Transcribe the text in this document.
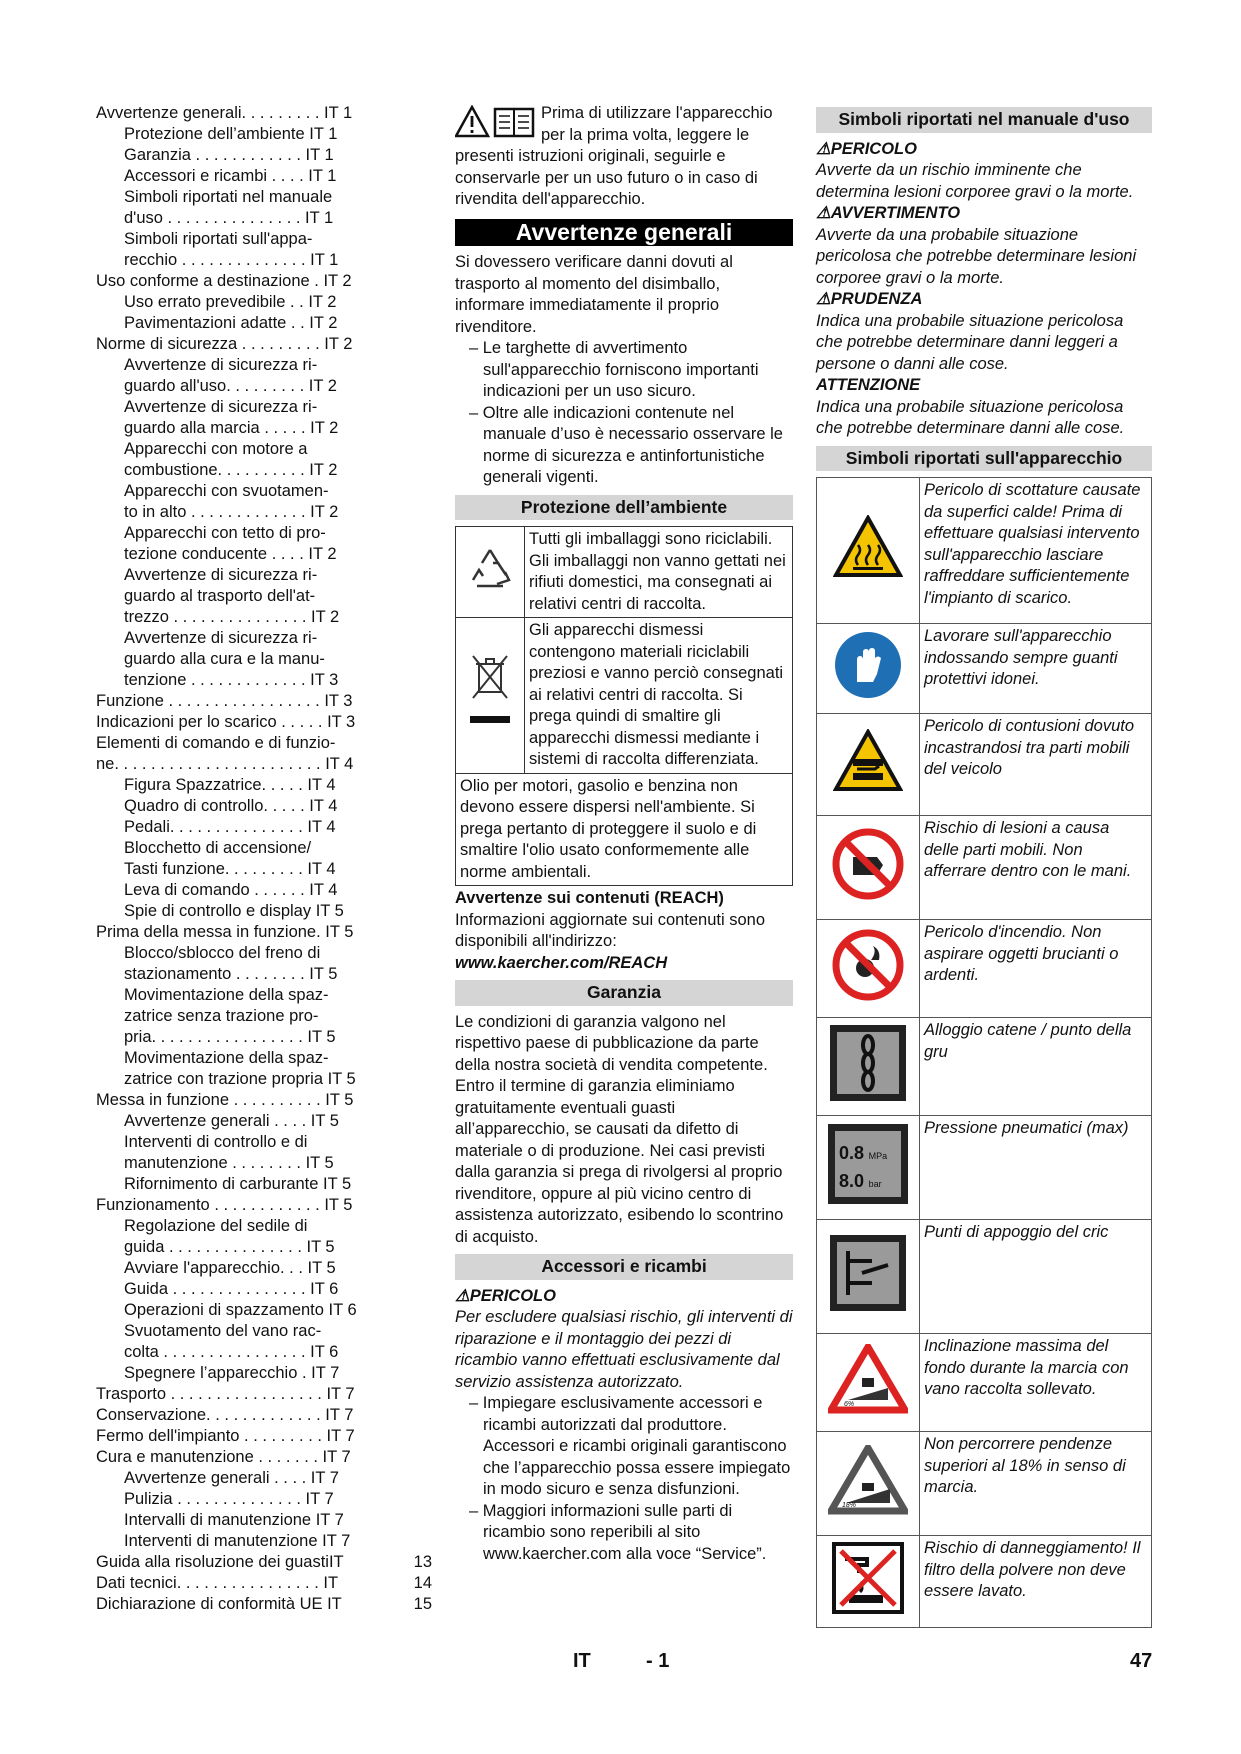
Avvertenze generali. . . . . . . . . IT 1
Protezione dell’ambiente IT 1
Garanzia . . . . . . . . . . . . IT 1
Accessori e ricambi . . . . IT 1
Simboli riportati nel manuale
d'uso . . . . . . . . . . . . . . . IT 1
Simboli riportati sull'appa-
recchio . . . . . . . . . . . . . . IT 1
Uso conforme a destinazione . IT 2
Uso errato prevedibile . . IT 2
Pavimentazioni adatte . . IT 2
Norme di sicurezza . . . . . . . . . IT 2
Avvertenze di sicurezza ri-
guardo all'uso. . . . . . . . . IT 2
Avvertenze di sicurezza ri-
guardo alla marcia . . . . . IT 2
Apparecchi con motore a
combustione. . . . . . . . . . IT 2
Apparecchi con svuotamen-
to in alto . . . . . . . . . . . . . IT 2
Apparecchi con tetto di pro-
tezione conducente . . . . IT 2
Avvertenze di sicurezza ri-
guardo al trasporto dell'at-
trezzo . . . . . . . . . . . . . . . IT 2
Avvertenze di sicurezza ri-
guardo alla cura e la manu-
tenzione . . . . . . . . . . . . . IT 3
Funzione . . . . . . . . . . . . . . . . . IT 3
Indicazioni per lo scarico . . . . . IT 3
Elementi di comando e di funzio-
ne. . . . . . . . . . . . . . . . . . . . . . . IT 4
Figura Spazzatrice. . . . . IT 4
Quadro di controllo. . . . . IT 4
Pedali. . . . . . . . . . . . . . . IT 4
Blocchetto di accensione/
Tasti funzione. . . . . . . . . IT 4
Leva di comando . . . . . . IT 4
Spie di controllo e display IT 5
Prima della messa in funzione. IT 5
Blocco/sblocco del freno di
stazionamento . . . . . . . . IT 5
Movimentazione della spaz-
zatrice senza trazione pro-
pria. . . . . . . . . . . . . . . . . IT 5
Movimentazione della spaz-
zatrice con trazione propria IT 5
Messa in funzione . . . . . . . . . . IT 5
Avvertenze generali . . . . IT 5
Interventi di controllo e di
manutenzione . . . . . . . . IT 5
Rifornimento di carburante IT 5
Funzionamento . . . . . . . . . . . . IT 5
Regolazione del sedile di
guida . . . . . . . . . . . . . . . IT 5
Avviare l'apparecchio. . . IT 5
Guida . . . . . . . . . . . . . . . IT 6
Operazioni di spazzamento IT 6
Svuotamento del vano rac-
colta . . . . . . . . . . . . . . . . IT 6
Spegnere l’apparecchio . IT 7
Trasporto . . . . . . . . . . . . . . . . . IT 7
Conservazione. . . . . . . . . . . . . IT 7
Fermo dell'impianto . . . . . . . . . IT 7
Cura e manutenzione . . . . . . . IT 7
Avvertenze generali . . . . IT 7
Pulizia . . . . . . . . . . . . . . IT 7
Intervalli di manutenzione IT 7
Interventi di manutenzione IT 7
Guida alla risoluzione dei guastiIT	13
Dati tecnici. . . . . . . . . . . . . . . . IT	14
Dichiarazione di conformità UE IT	15

Prima di utilizzare l'apparecchio per la prima volta, leggere le presenti istruzioni originali, seguirle e conservarle per un uso futuro o in caso di rivendita dell'apparecchio.

Avvertenze generali

Si dovessero verificare danni dovuti al trasporto al momento del disimballo, informare immediatamente il proprio rivenditore.

– Le targhette di avvertimento sull'apparecchio forniscono importanti indicazioni per un uso sicuro.

– Oltre alle indicazioni contenute nel manuale d’uso è necessario osservare le norme di sicurezza e antinfortunistiche generali vigenti.

Protezione dell’ambiente
	Tutti gli imballaggi sono riciclabili. Gli imballaggi non vanno gettati nei rifiuti domestici, ma consegnati ai relativi centri di raccolta.
	Gli apparecchi dismessi contengono materiali riciclabili preziosi e vanno perciò consegnati ai relativi centri di raccolta. Si prega quindi di smaltire gli apparecchi dismessi mediante i sistemi di raccolta differenziata.
Olio per motori, gasolio e benzina non devono essere dispersi nell'ambiente. Si prega pertanto di proteggere il suolo e di smaltire l'olio usato conformemente alle norme ambientali.	

Avvertenze sui contenuti (REACH)

Informazioni aggiornate sui contenuti sono disponibili all'indirizzo:

www.kaercher.com/REACH

Garanzia

Le condizioni di garanzia valgono nel rispettivo paese di pubblicazione da parte della nostra società di vendita competente. Entro il termine di garanzia eliminiamo gratuitamente eventuali guasti all’apparecchio, se causati da difetto di materiale o di produzione. Nei casi previsti dalla garanzia si prega di rivolgersi al proprio rivenditore, oppure al più vicino centro di assistenza autorizzato, esibendo lo scontrino di acquisto.

Accessori e ricambi

⚠PERICOLO

Per escludere qualsiasi rischio, gli interventi di riparazione e il montaggio dei pezzi di ricambio vanno effettuati esclusivamente dal servizio assistenza autorizzato.

– Impiegare esclusivamente accessori e ricambi autorizzati dal produttore. Accessori e ricambi originali garantiscono che l’apparecchio possa essere impiegato in modo sicuro e senza disfunzioni.

– Maggiori informazioni sulle parti di ricambio sono reperibili al sito www.kaercher.com alla voce “Service”.

Simboli riportati nel manuale d'uso

⚠PERICOLO

Avverte da un rischio imminente che determina lesioni corporee gravi o la morte.

⚠AVVERTIMENTO

Avverte da una probabile situazione pericolosa che potrebbe determinare lesioni corporee gravi o la morte.

⚠PRUDENZA

Indica una probabile situazione pericolosa che potrebbe determinare danni leggeri a persone o danni alle cose.

ATTENZIONE

Indica una probabile situazione pericolosa che potrebbe determinare danni alle cose.

Simboli riportati sull'apparecchio
	Pericolo di scottature causate da superfici calde! Prima di effettuare qualsiasi intervento sull'apparecchio lasciare raffreddare sufficientemente l'impianto di scarico.
	Lavorare sull'apparecchio indossando sempre guanti protettivi idonei.
	Pericolo di contusioni dovuto incastrandosi tra parti mobili del veicolo
	Rischio di lesioni a causa delle parti mobili. Non afferrare dentro con le mani.
	Pericolo d'incendio. Non aspirare oggetti brucianti o ardenti.
	Alloggio catene / punto della gru

0.8 MPa
8.0 bar	Pressione pneumatici (max)
	Punti di appoggio del cric

6%	Inclinazione massima del fondo durante la marcia con vano raccolta sollevato.

18%	Non percorrere pendenze superiori al 18% in senso di marcia.
	Rischio di danneggiamento! Il filtro della polvere non deve essere lavato.
IT	- 1	47
